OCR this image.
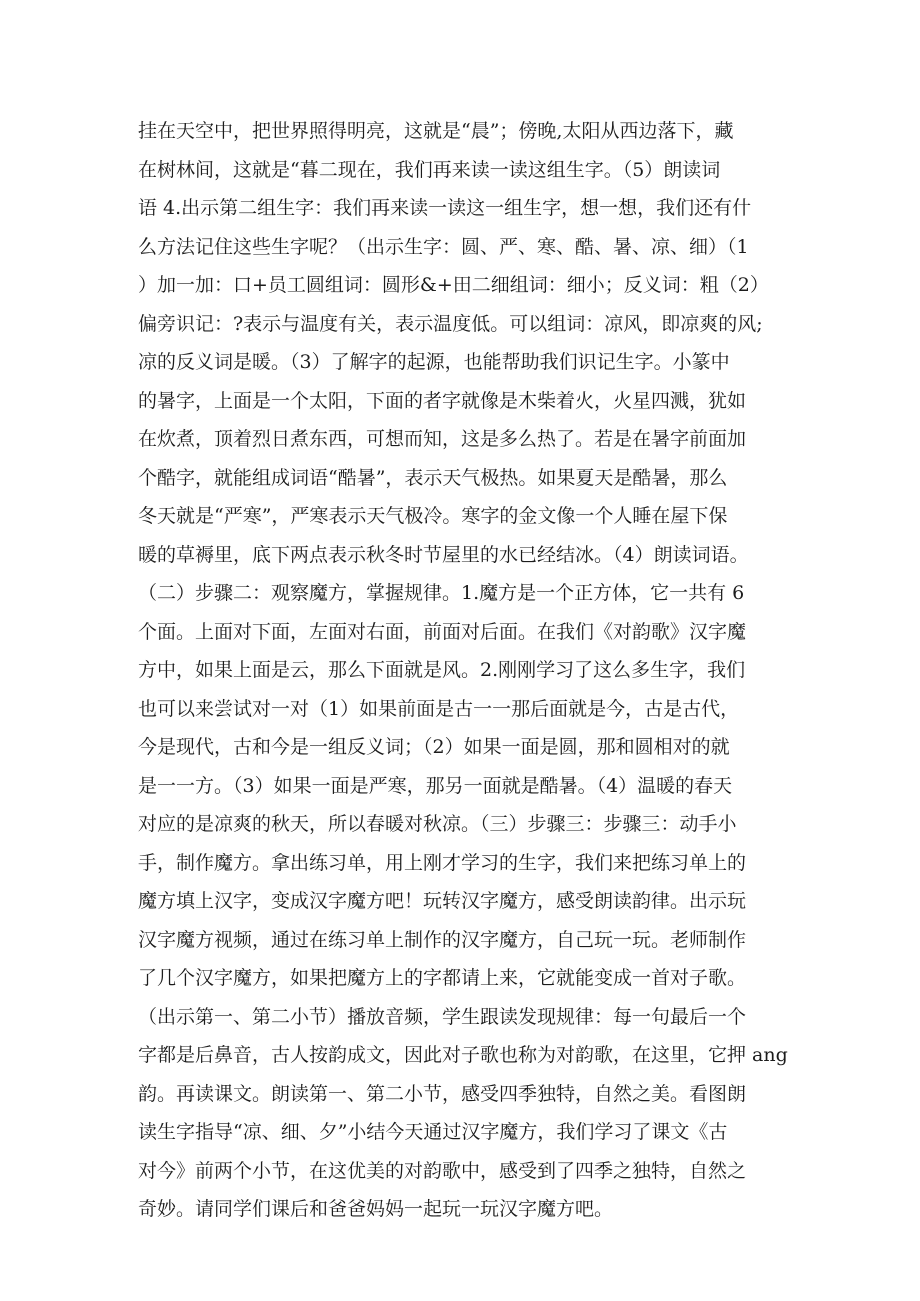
挂在天空中，把世界照得明亮，这就是“晨”；傍晚,太阳从西边落下，藏
在树林间，这就是“暮二现在，我们再来读一读这组生字。（5）朗读词
语 4.出示第二组生字：我们再来读一读这一组生字，想一想，我们还有什
么方法记住这些生字呢？（出示生字：圆、严、寒、酷、暑、凉、细）（1
）加一加：口+员工圆组词：圆形&+田二细组词：细小；反义词：粗（2）
偏旁识记：?表示与温度有关，表示温度低。可以组词：凉风，即凉爽的风;
凉的反义词是暖。（3）了解字的起源，也能帮助我们识记生字。小篆中
的暑字，上面是一个太阳，下面的者字就像是木柴着火，火星四溅，犹如
在炊煮，顶着烈日煮东西，可想而知，这是多么热了。若是在暑字前面加
个酷字，就能组成词语“酷暑”，表示天气极热。如果夏天是酷暑，那么
冬天就是“严寒”，严寒表示天气极冷。寒字的金文像一个人睡在屋下保
暖的草褥里，底下两点表示秋冬时节屋里的水已经结冰。（4）朗读词语。
（二）步骤二：观察魔方，掌握规律。1.魔方是一个正方体，它一共有 6
个面。上面对下面，左面对右面，前面对后面。在我们《对韵歌》汉字魔
方中，如果上面是云，那么下面就是风。2.刚刚学习了这么多生字，我们
也可以来尝试对一对（1）如果前面是古一一那后面就是今，古是古代，
今是现代，古和今是一组反义词；（2）如果一面是圆，那和圆相对的就
是一一方。（3）如果一面是严寒，那另一面就是酷暑。（4）温暖的春天
对应的是凉爽的秋天，所以春暖对秋凉。（三）步骤三：步骤三：动手小
手，制作魔方。拿出练习单，用上刚才学习的生字，我们来把练习单上的
魔方填上汉字，变成汉字魔方吧！玩转汉字魔方，感受朗读韵律。出示玩
汉字魔方视频，通过在练习单上制作的汉字魔方，自己玩一玩。老师制作
了几个汉字魔方，如果把魔方上的字都请上来，它就能变成一首对子歌。
（出示第一、第二小节）播放音频，学生跟读发现规律：每一句最后一个
字都是后鼻音，古人按韵成文，因此对子歌也称为对韵歌，在这里，它押 ang
韵。再读课文。朗读第一、第二小节，感受四季独特，自然之美。看图朗
读生字指导“凉、细、夕”小结今天通过汉字魔方，我们学习了课文《古
对今》前两个小节，在这优美的对韵歌中，感受到了四季之独特，自然之
奇妙。请同学们课后和爸爸妈妈一起玩一玩汉字魔方吧。
